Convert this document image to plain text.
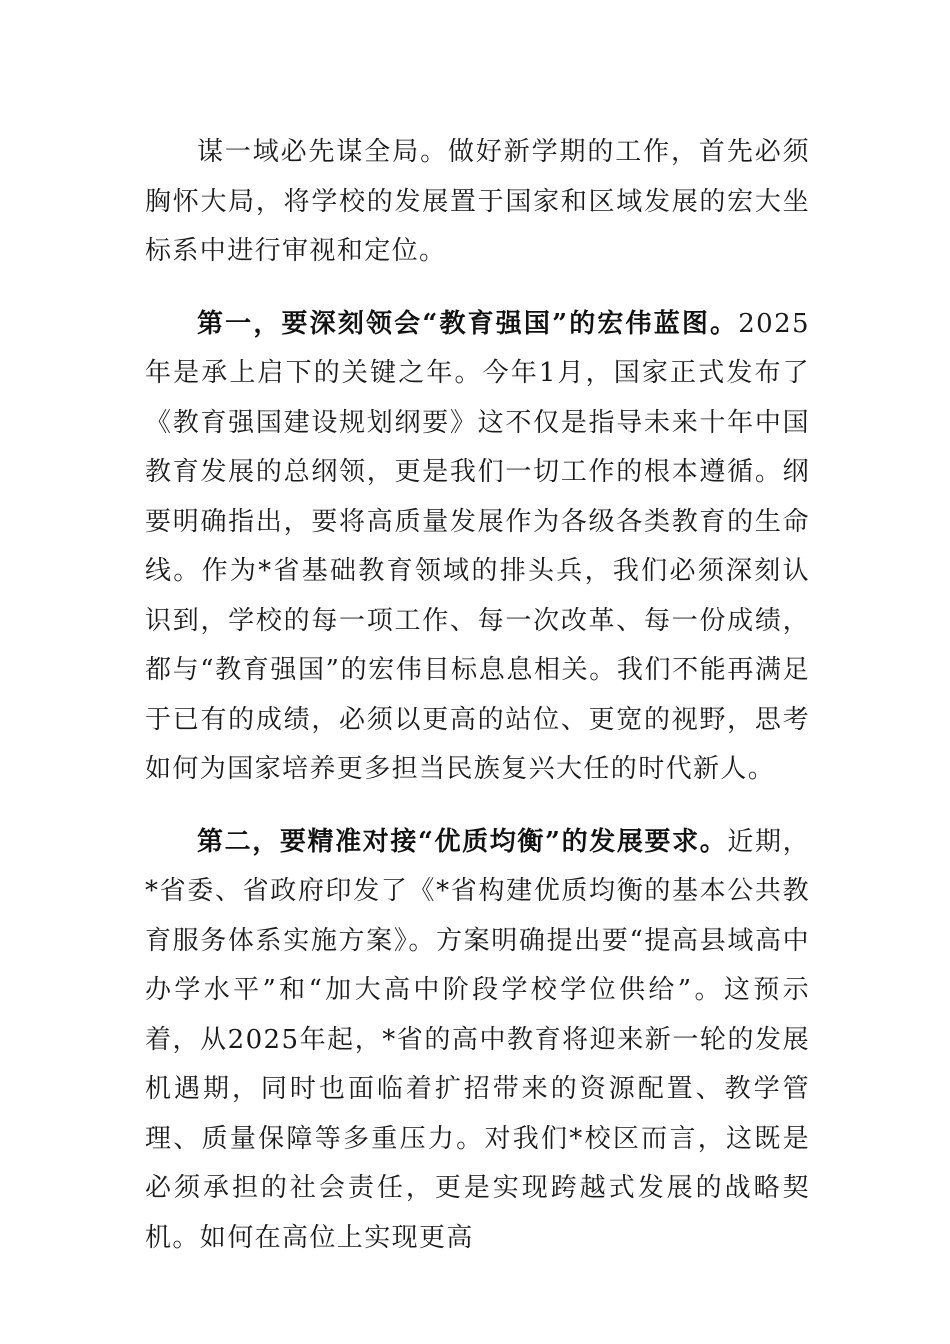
谋一域必先谋全局。做好新学期的工作，首先必须胸怀大局，将学校的发展置于国家和区域发展的宏大坐标系中进行审视和定位。

第一，要深刻领会“教育强国”的宏伟蓝图。2025年是承上启下的关键之年。今年1月，国家正式发布了《教育强国建设规划纲要》这不仅是指导未来十年中国教育发展的总纲领，更是我们一切工作的根本遵循。纲要明确指出，要将高质量发展作为各级各类教育的生命线。作为*省基础教育领域的排头兵，我们必须深刻认识到，学校的每一项工作、每一次改革、每一份成绩，都与“教育强国”的宏伟目标息息相关。我们不能再满足于已有的成绩，必须以更高的站位、更宽的视野，思考如何为国家培养更多担当民族复兴大任的时代新人。

第二，要精准对接“优质均衡”的发展要求。近期，*省委、省政府印发了《*省构建优质均衡的基本公共教育服务体系实施方案》。方案明确提出要“提高县域高中办学水平”和“加大高中阶段学校学位供给”。这预示着，从2025年起，*省的高中教育将迎来新一轮的发展机遇期，同时也面临着扩招带来的资源配置、教学管理、质量保障等多重压力。对我们*校区而言，这既是必须承担的社会责任，更是实现跨越式发展的战略契机。如何在高位上实现更高
